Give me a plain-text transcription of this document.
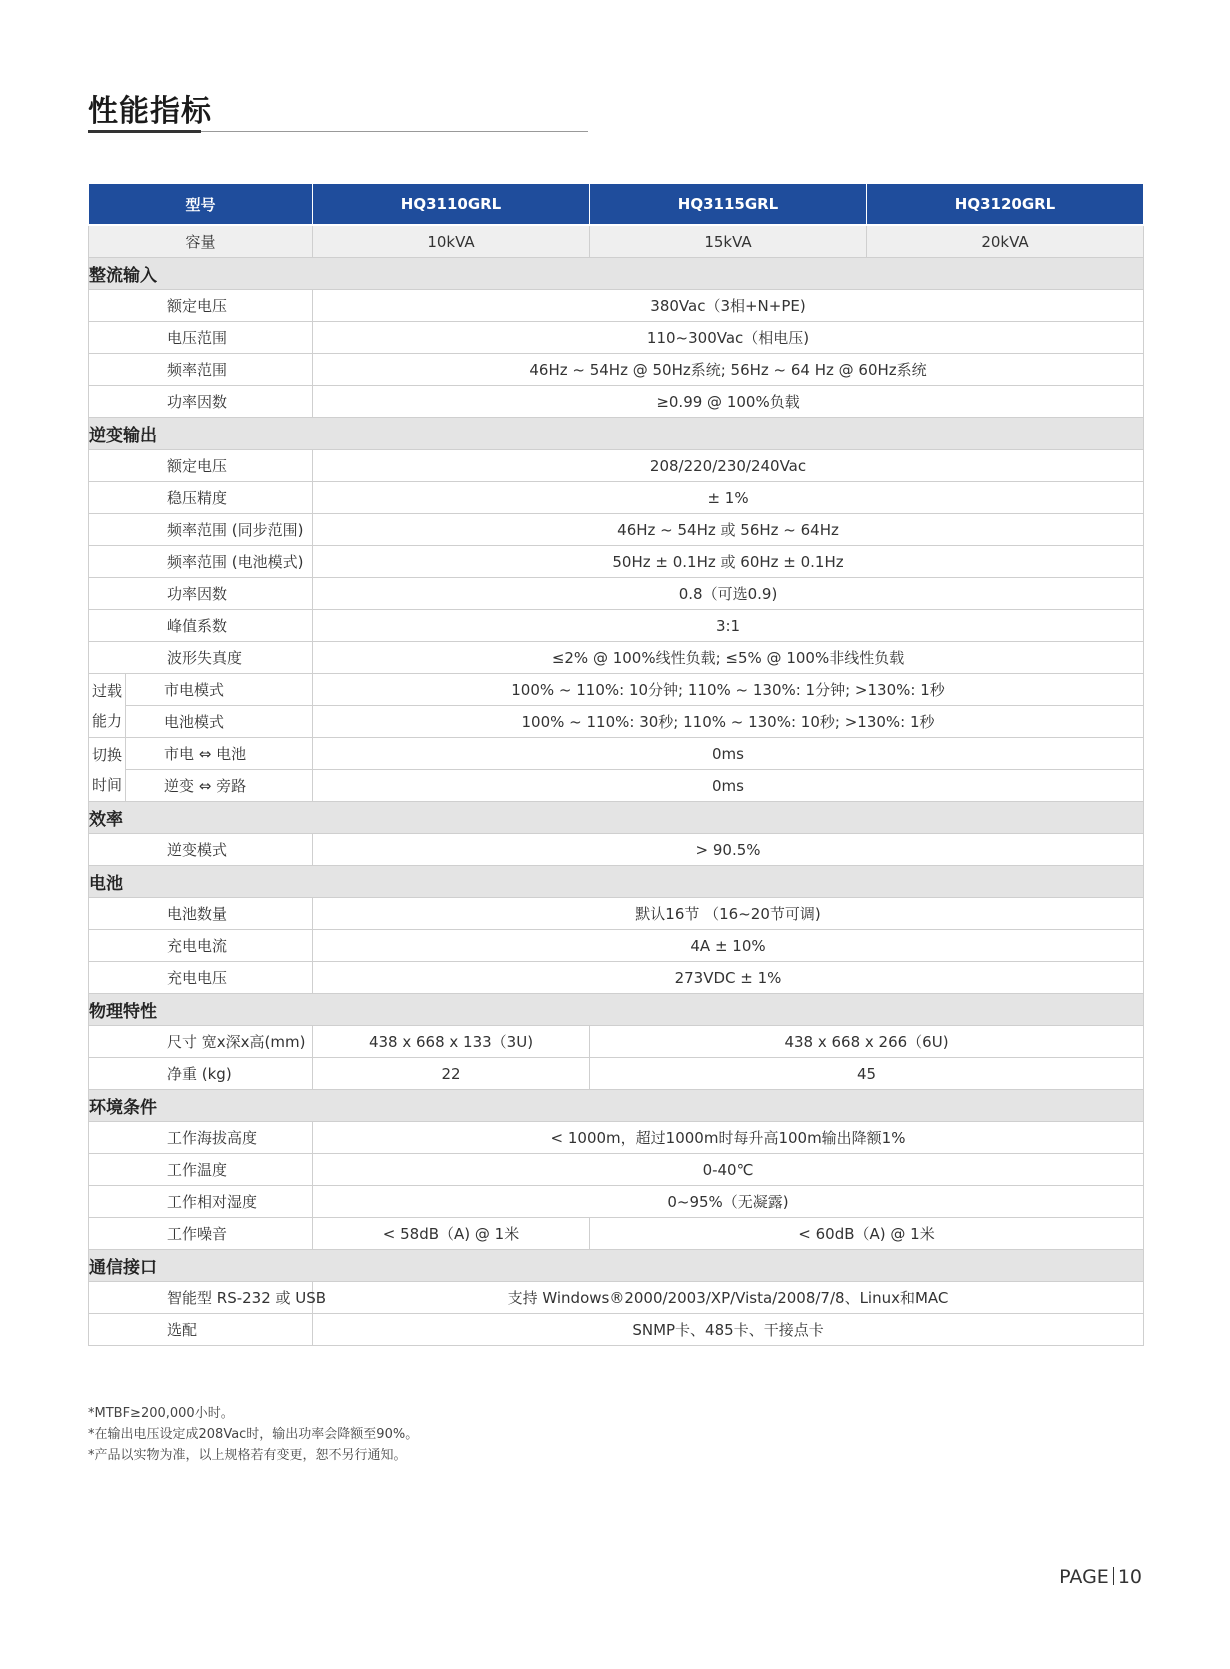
性能指标
型号		HQ3110GRL	HQ3115GRL	HQ3120GRL
容量		10kVA	15kVA	20kVA
整流输入				
额定电压		380Vac（3相+N+PE)		
电压范围		110~300Vac（相电压)		
频率范围		46Hz ~ 54Hz @ 50Hz系统; 56Hz ~ 64 Hz @ 60Hz系统		
功率因数		≥0.99 @ 100%负载		
逆变输出				
额定电压		208/220/230/240Vac		
稳压精度		± 1%		
频率范围 (同步范围)		46Hz ~ 54Hz 或 56Hz ~ 64Hz		
频率范围 (电池模式)		50Hz ± 0.1Hz 或 60Hz ± 0.1Hz		
功率因数		0.8（可选0.9)		
峰值系数		3:1		
波形失真度		≤2% @ 100%线性负载; ≤5% @ 100%非线性负载		
过载能力	市电模式	100% ~ 110%: 10分钟; 110% ~ 130%: 1分钟; >130%: 1秒		
	电池模式	100% ~ 110%: 30秒; 110% ~ 130%: 10秒; >130%: 1秒		
切换时间	市电 ⇔ 电池	0ms		
	逆变 ⇔ 旁路	0ms		
效率				
逆变模式		> 90.5%		
电池				
电池数量		默认16节 （16~20节可调)		
充电电流		4A ± 10%		
充电电压		273VDC ± 1%		
物理特性				
尺寸 宽x深x高(mm)		438 x 668 x 133（3U)	438 x 668 x 266（6U)	
净重 (kg)		22	45	
环境条件				
工作海拔高度		< 1000m，超过1000m时每升高100m输出降额1%		
工作温度		0-40℃		
工作相对湿度		0~95%（无凝露)		
工作噪音		< 58dB（A) @ 1米	< 60dB（A) @ 1米	
通信接口				
智能型 RS-232 或 USB		支持 Windows®2000/2003/XP/Vista/2008/7/8、Linux和MAC		
选配		SNMP卡、485卡、干接点卡		
*MTBF≥200,000小时。
*在输出电压设定成208Vac时，输出功率会降额至90%。
*产品以实物为准，以上规格若有变更，恕不另行通知。
PAGE 10
